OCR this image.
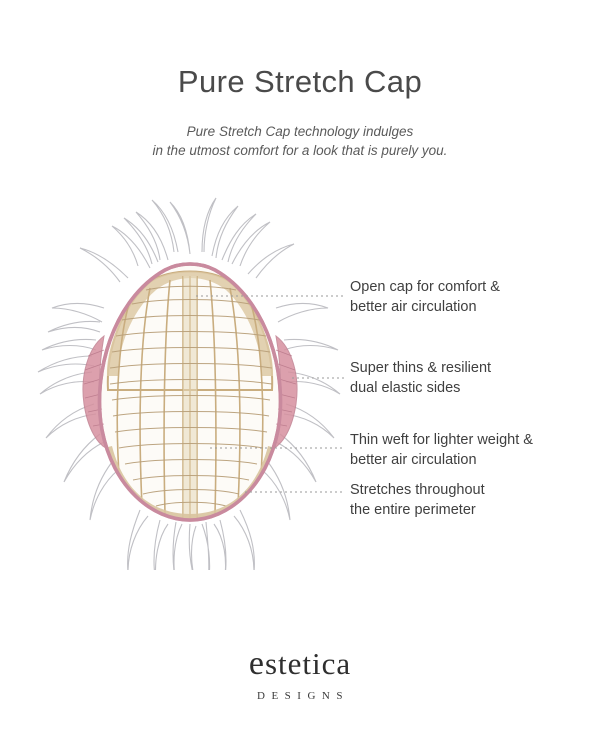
Pure Stretch Cap
Pure Stretch Cap technology indulges
in the utmost comfort for a look that is purely you.
Open cap for comfort &
better air circulation
Super thins & resilient
dual elastic sides
Thin weft for lighter weight &
better air circulation
Stretches throughout
the entire perimeter
estetica
DESIGNS
